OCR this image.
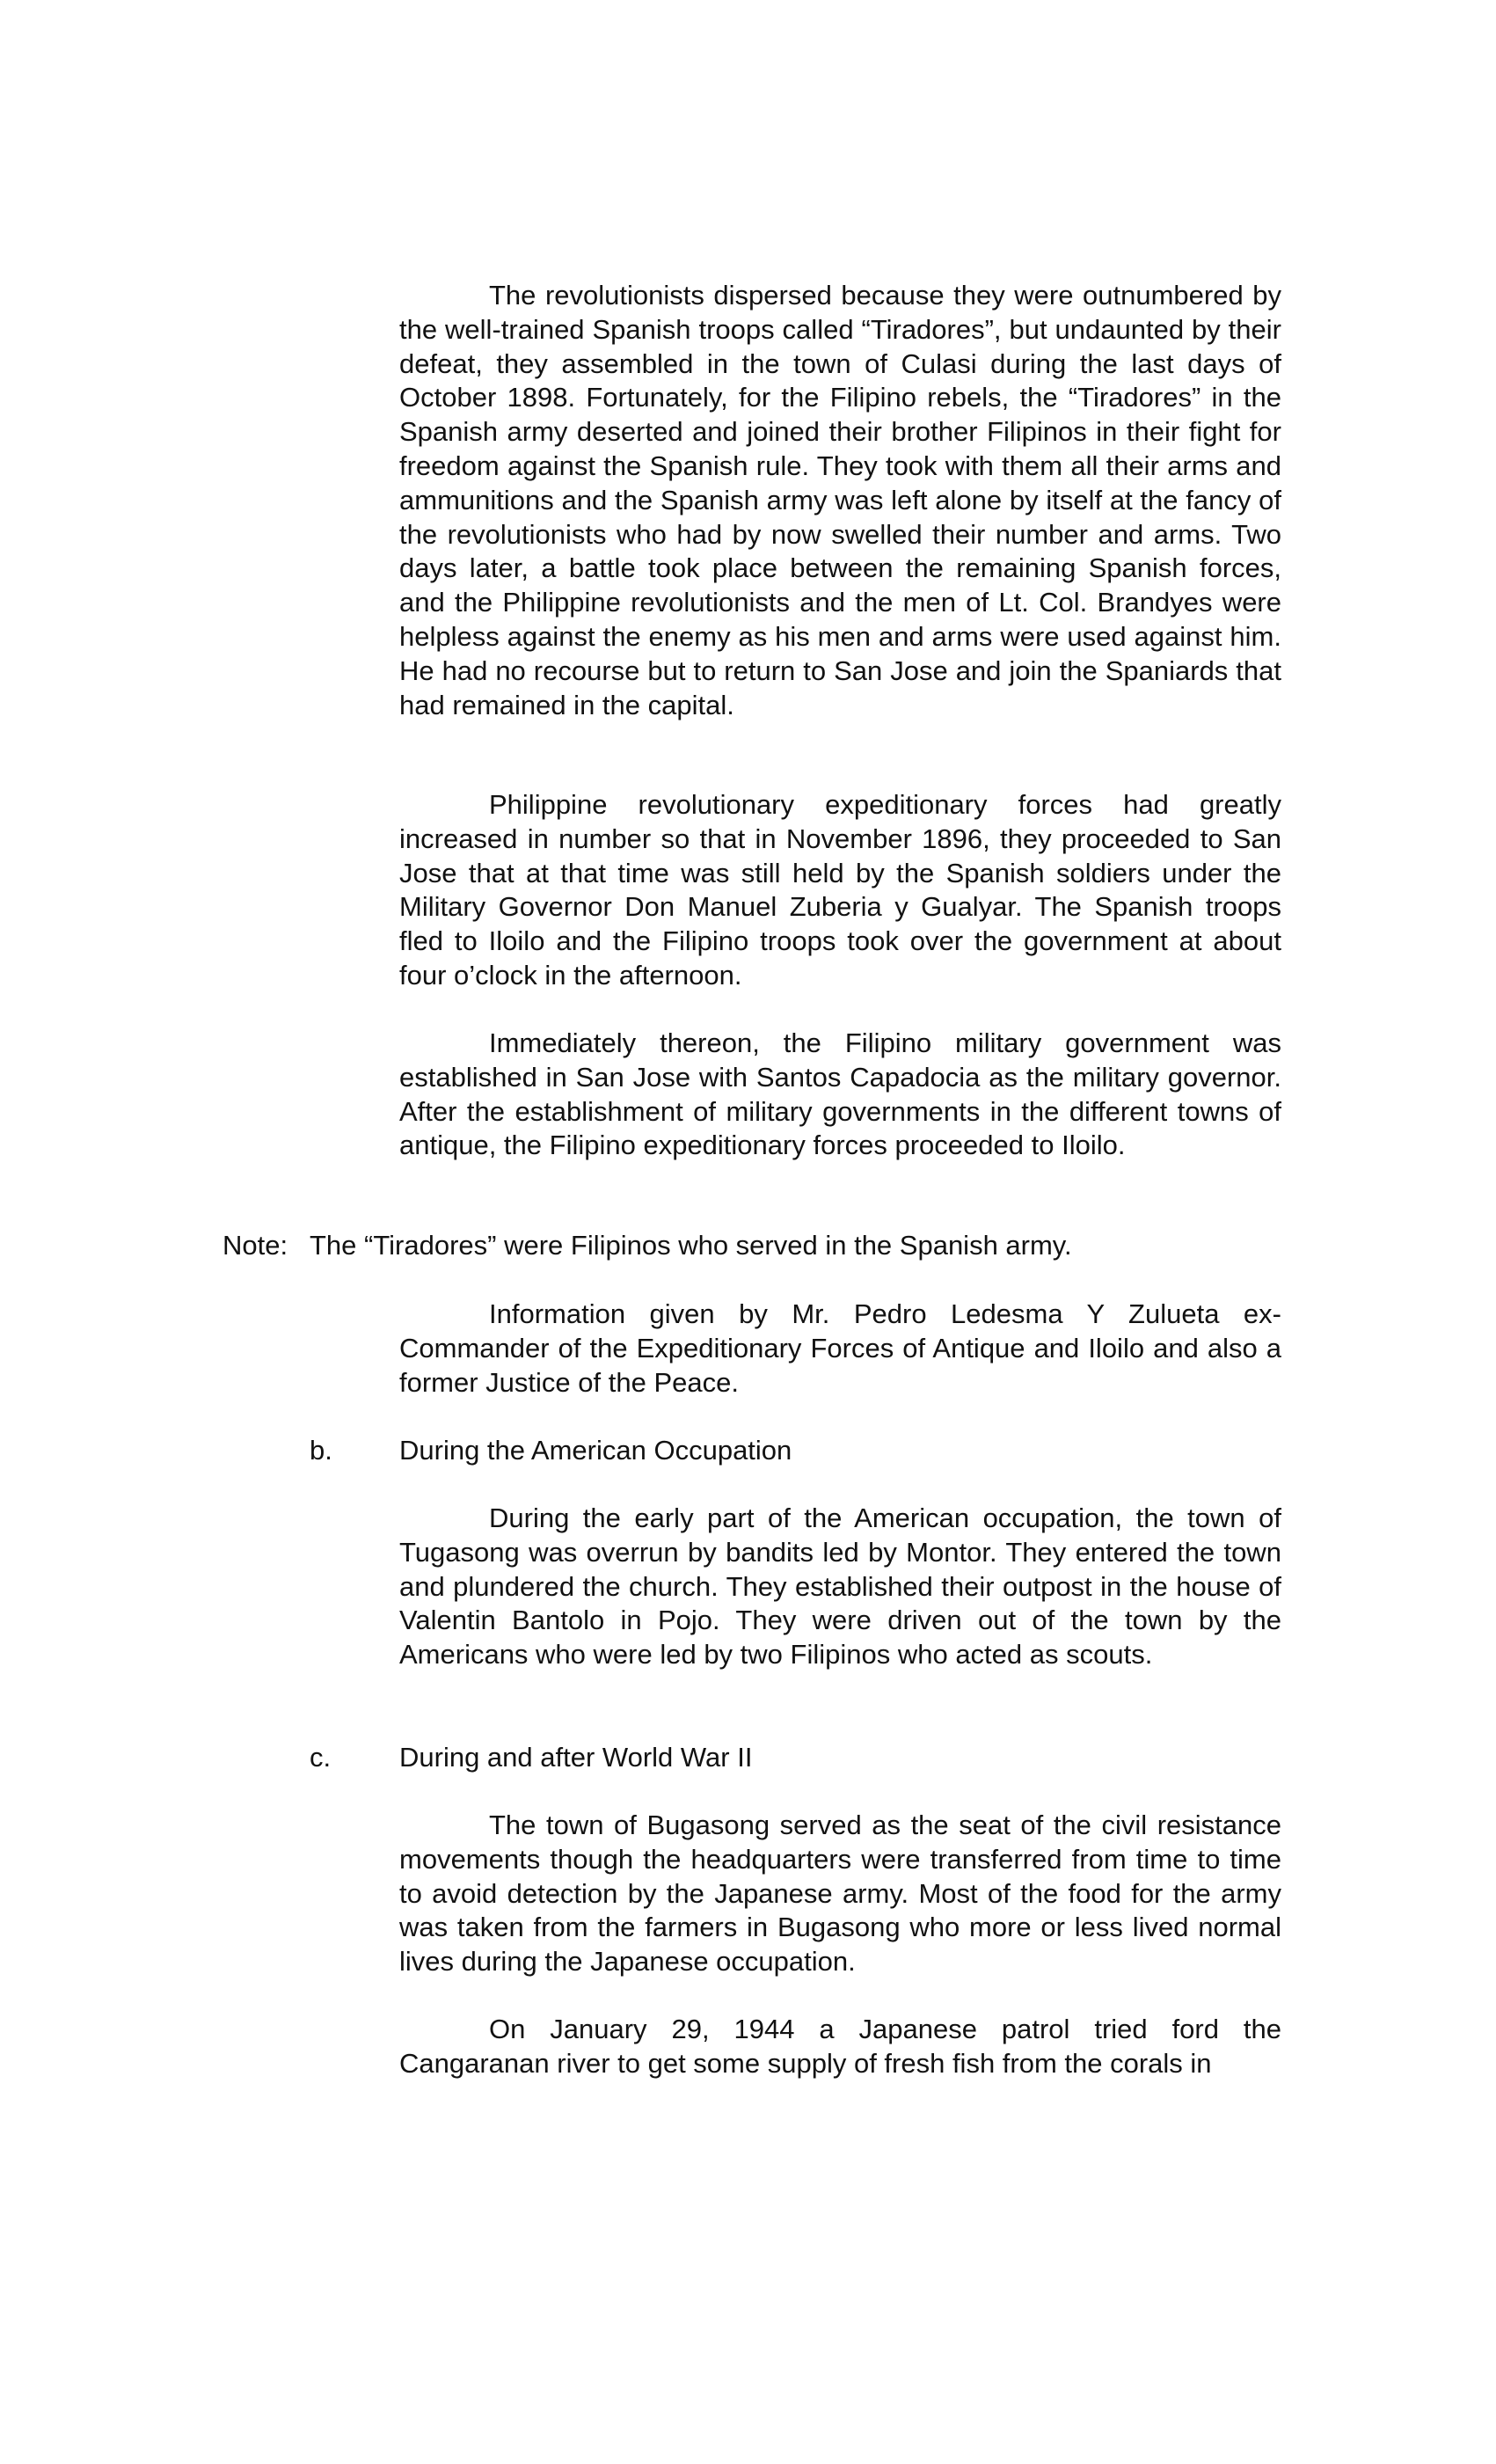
The revolutionists dispersed because they were outnumbered by the well-trained Spanish troops called “Tiradores”, but undaunted by their defeat, they assembled in the town of Culasi during the last days of October 1898. Fortunately, for the Filipino rebels, the “Tiradores” in the Spanish army deserted and joined their brother Filipinos in their fight for freedom against the Spanish rule. They took with them all their arms and ammunitions and the Spanish army was left alone by itself at the fancy of the revolutionists who had by now swelled their number and arms. Two days later, a battle took place between the remaining Spanish forces, and the Philippine revolutionists and the men of Lt. Col. Brandyes were helpless against the enemy as his men and arms were used against him. He had no recourse but to return to San Jose and join the Spaniards that had remained in the capital.

Philippine revolutionary expeditionary forces had greatly increased in number so that in November 1896, they proceeded to San Jose that at that time was still held by the Spanish soldiers under the Military Governor Don Manuel Zuberia y Gualyar. The Spanish troops fled to Iloilo and the Filipino troops took over the government at about four o’clock in the afternoon.

Immediately thereon, the Filipino military government was established in San Jose with Santos Capadocia as the military governor. After the establishment of military governments in the different towns of antique, the Filipino expeditionary forces proceeded to Iloilo.

Note: The “Tiradores” were Filipinos who served in the Spanish army.

Information given by Mr. Pedro Ledesma Y Zulueta ex-Commander of the Expeditionary Forces of Antique and Iloilo and also a former Justice of the Peace.

b. During the American Occupation

During the early part of the American occupation, the town of Tugasong was overrun by bandits led by Montor. They entered the town and plundered the church. They established their outpost in the house of Valentin Bantolo in Pojo. They were driven out of the town by the Americans who were led by two Filipinos who acted as scouts.

c.	During and after World War II

The town of Bugasong served as the seat of the civil resistance movements though the headquarters were transferred from time to time to avoid detection by the Japanese army. Most of the food for the army was taken from the farmers in Bugasong who more or less lived normal lives during the Japanese occupation.

On January 29, 1944 a Japanese patrol tried ford the Cangaranan river to get some supply of fresh fish from the corals in
